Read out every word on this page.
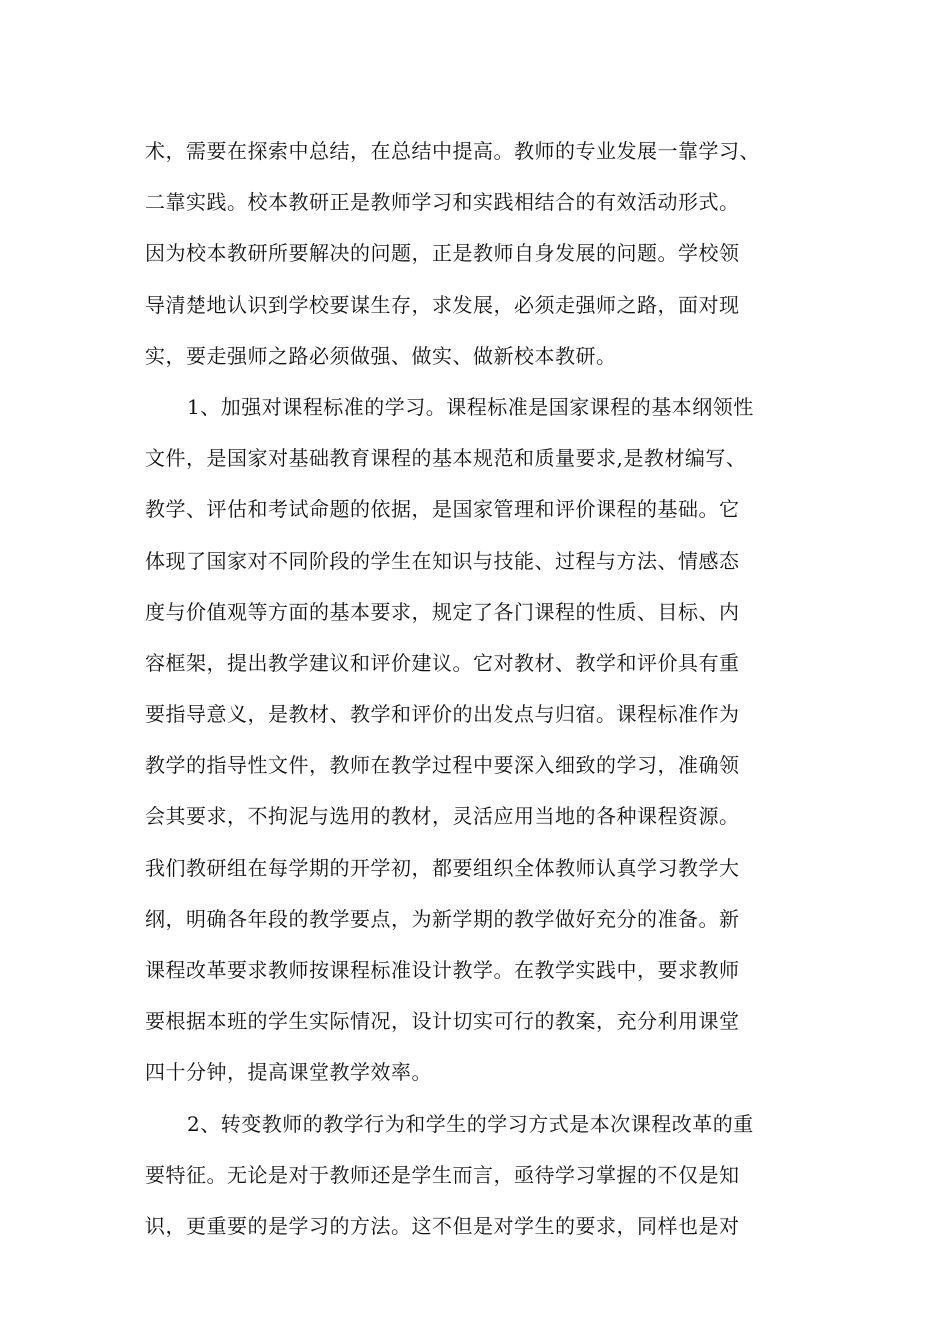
术，需要在探索中总结，在总结中提高。教师的专业发展一靠学习、
二靠实践。校本教研正是教师学习和实践相结合的有效活动形式。
因为校本教研所要解决的问题，正是教师自身发展的问题。学校领
导清楚地认识到学校要谋生存，求发展，必须走强师之路，面对现
实，要走强师之路必须做强、做实、做新校本教研。
1、加强对课程标准的学习。课程标准是国家课程的基本纲领性
文件，是国家对基础教育课程的基本规范和质量要求,是教材编写、
教学、评估和考试命题的依据，是国家管理和评价课程的基础。它
体现了国家对不同阶段的学生在知识与技能、过程与方法、情感态
度与价值观等方面的基本要求，规定了各门课程的性质、目标、内
容框架，提出教学建议和评价建议。它对教材、教学和评价具有重
要指导意义，是教材、教学和评价的出发点与归宿。课程标准作为
教学的指导性文件，教师在教学过程中要深入细致的学习，准确领
会其要求，不拘泥与选用的教材，灵活应用当地的各种课程资源。
我们教研组在每学期的开学初，都要组织全体教师认真学习教学大
纲，明确各年段的教学要点，为新学期的教学做好充分的准备。新
课程改革要求教师按课程标准设计教学。在教学实践中，要求教师
要根据本班的学生实际情况，设计切实可行的教案，充分利用课堂
四十分钟，提高课堂教学效率。
2、转变教师的教学行为和学生的学习方式是本次课程改革的重
要特征。无论是对于教师还是学生而言，亟待学习掌握的不仅是知
识，更重要的是学习的方法。这不但是对学生的要求，同样也是对
